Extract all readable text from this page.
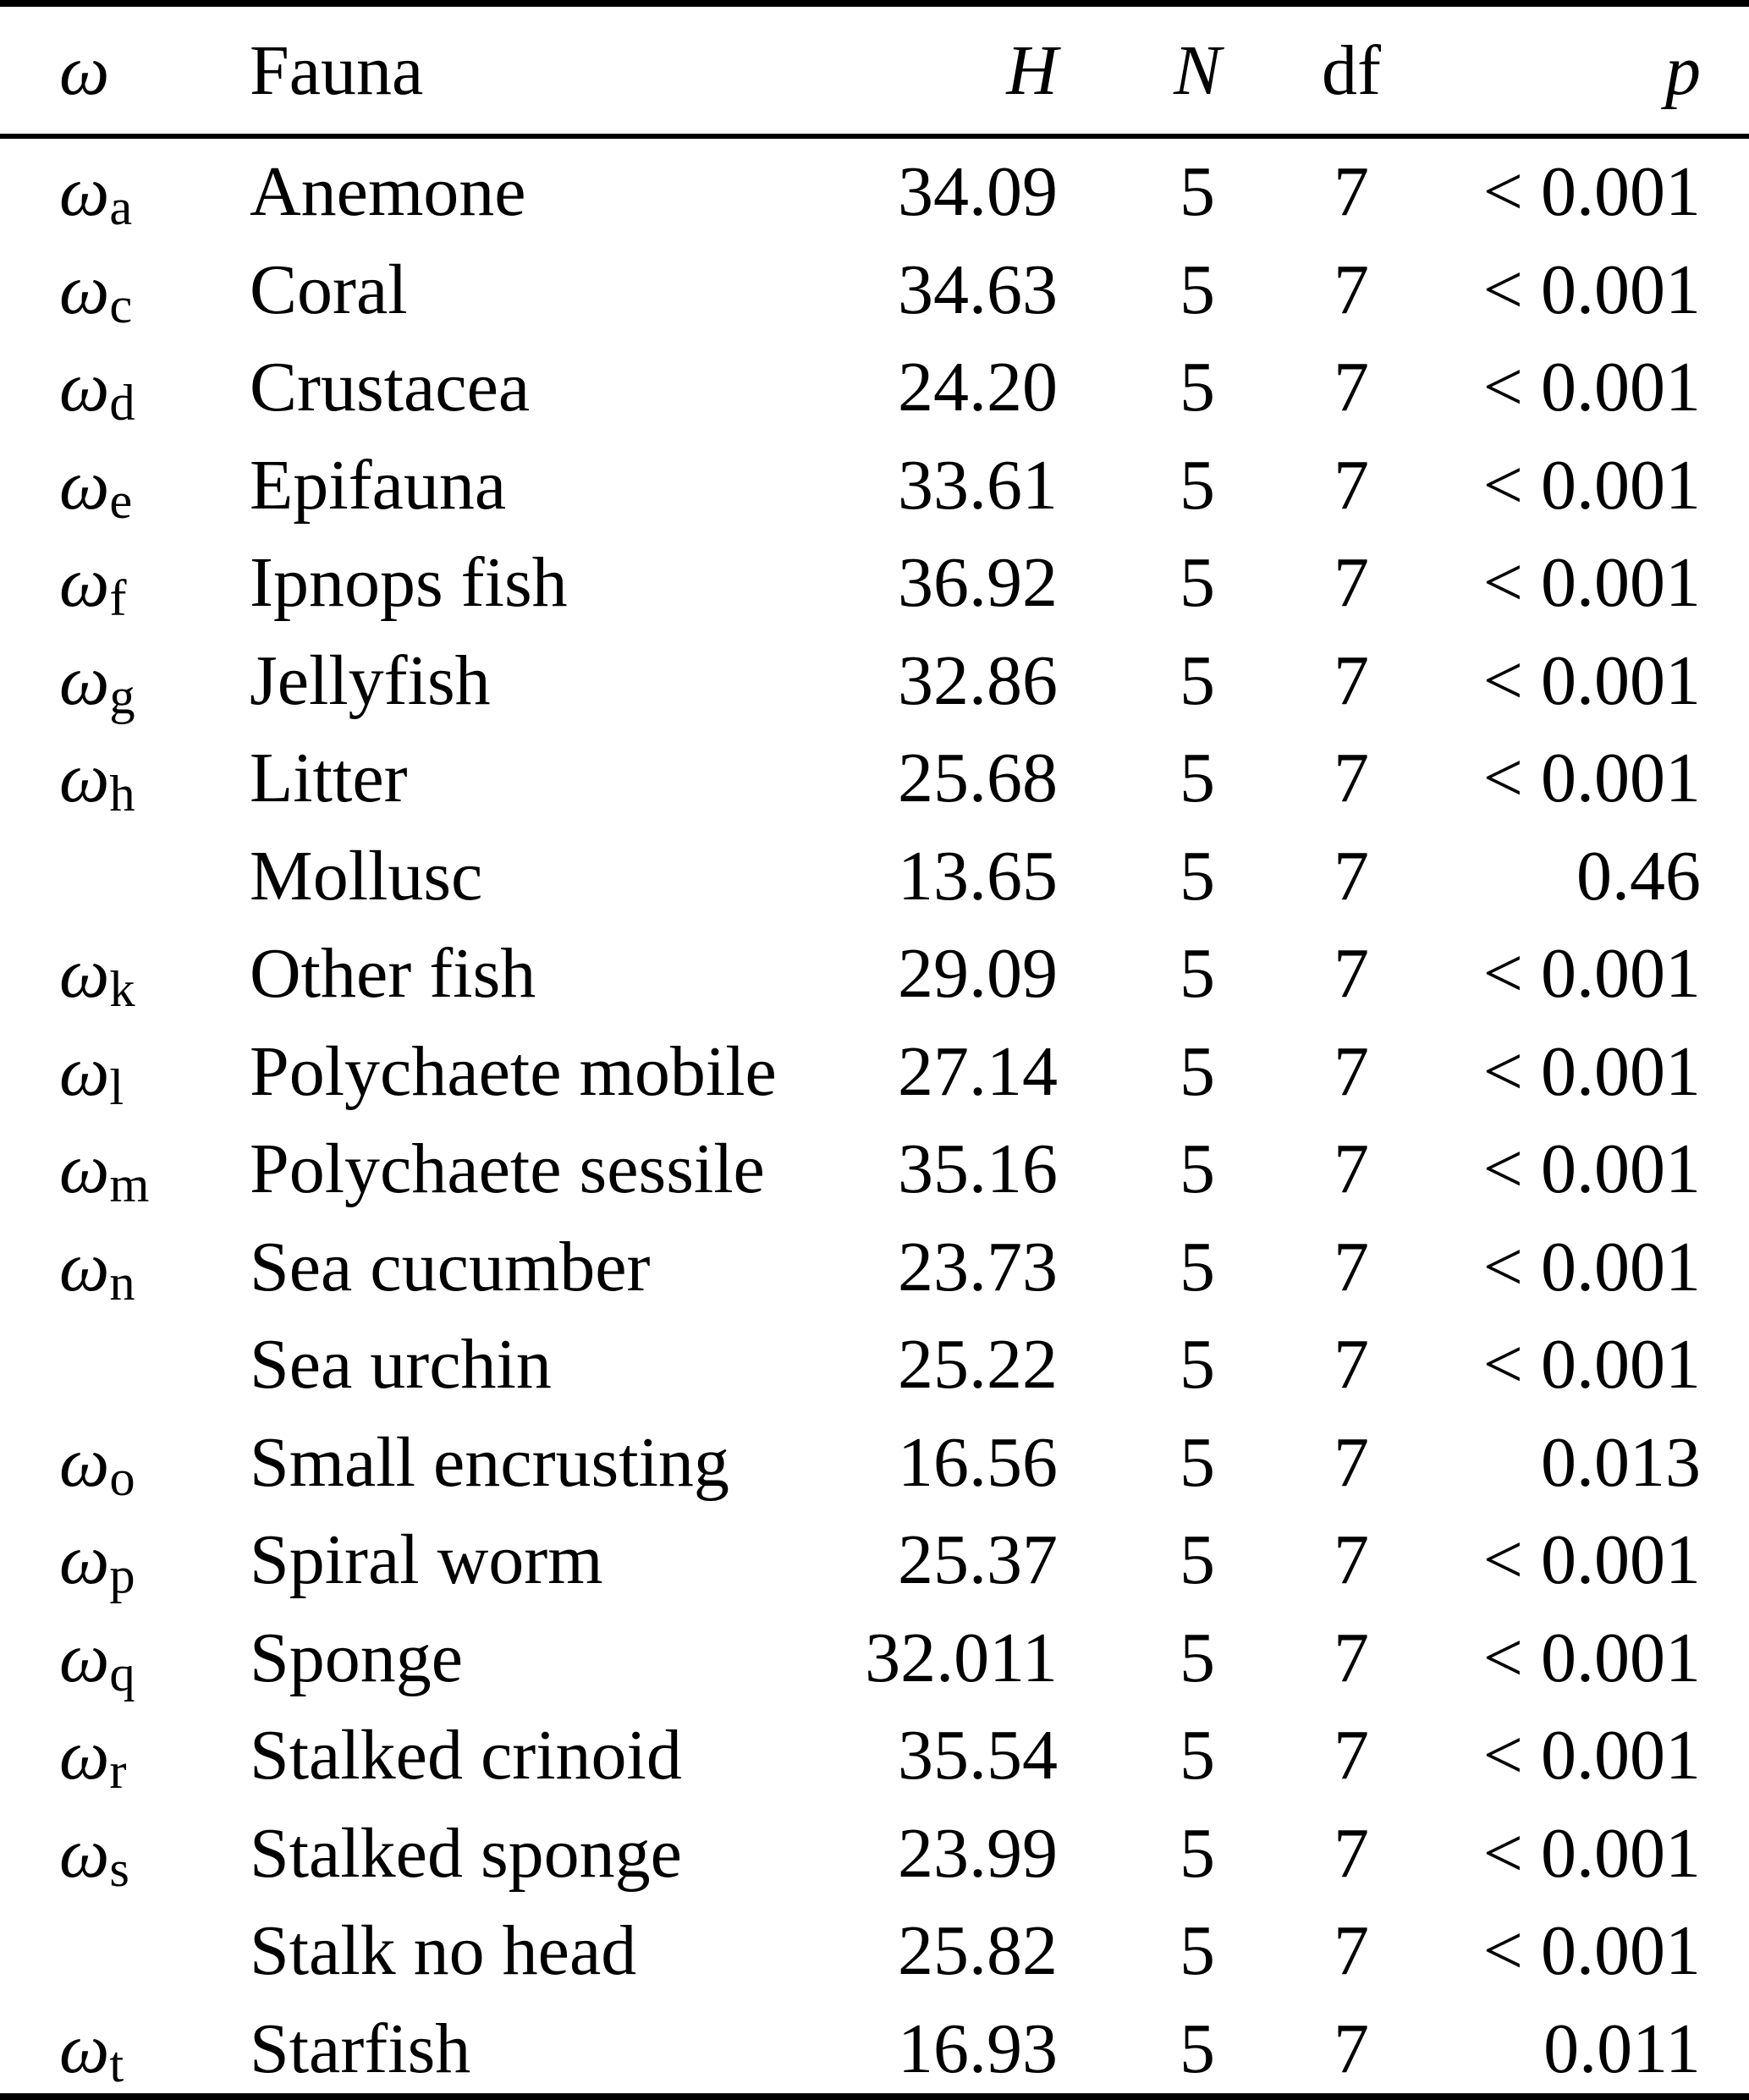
ω	Fauna	H	N	df	p
$\omega_a$	Anemone	34.09	5	7	< 0.001
$\omega_c$	Coral	34.63	5	7	< 0.001
$\omega_d$	Crustacea	24.20	5	7	< 0.001
$\omega_e$	Epifauna	33.61	5	7	< 0.001
$\omega_f$	Ipnops fish	36.92	5	7	< 0.001
$\omega_g$	Jellyfish	32.86	5	7	< 0.001
$\omega_h$	Litter	25.68	5	7	< 0.001
	Mollusc	13.65	5	7	0.46
$\omega_k$	Other fish	29.09	5	7	< 0.001
$\omega_l$	Polychaete mobile	27.14	5	7	< 0.001
$\omega_m$	Polychaete sessile	35.16	5	7	< 0.001
$\omega_n$	Sea cucumber	23.73	5	7	< 0.001
	Sea urchin	25.22	5	7	< 0.001
$\omega_o$	Small encrusting	16.56	5	7	0.013
$\omega_p$	Spiral worm	25.37	5	7	< 0.001
$\omega_q$	Sponge	32.011	5	7	< 0.001
$\omega_r$	Stalked crinoid	35.54	5	7	< 0.001
$\omega_s$	Stalked sponge	23.99	5	7	< 0.001
	Stalk no head	25.82	5	7	< 0.001
$\omega_t$	Starfish	16.93	5	7	0.011
